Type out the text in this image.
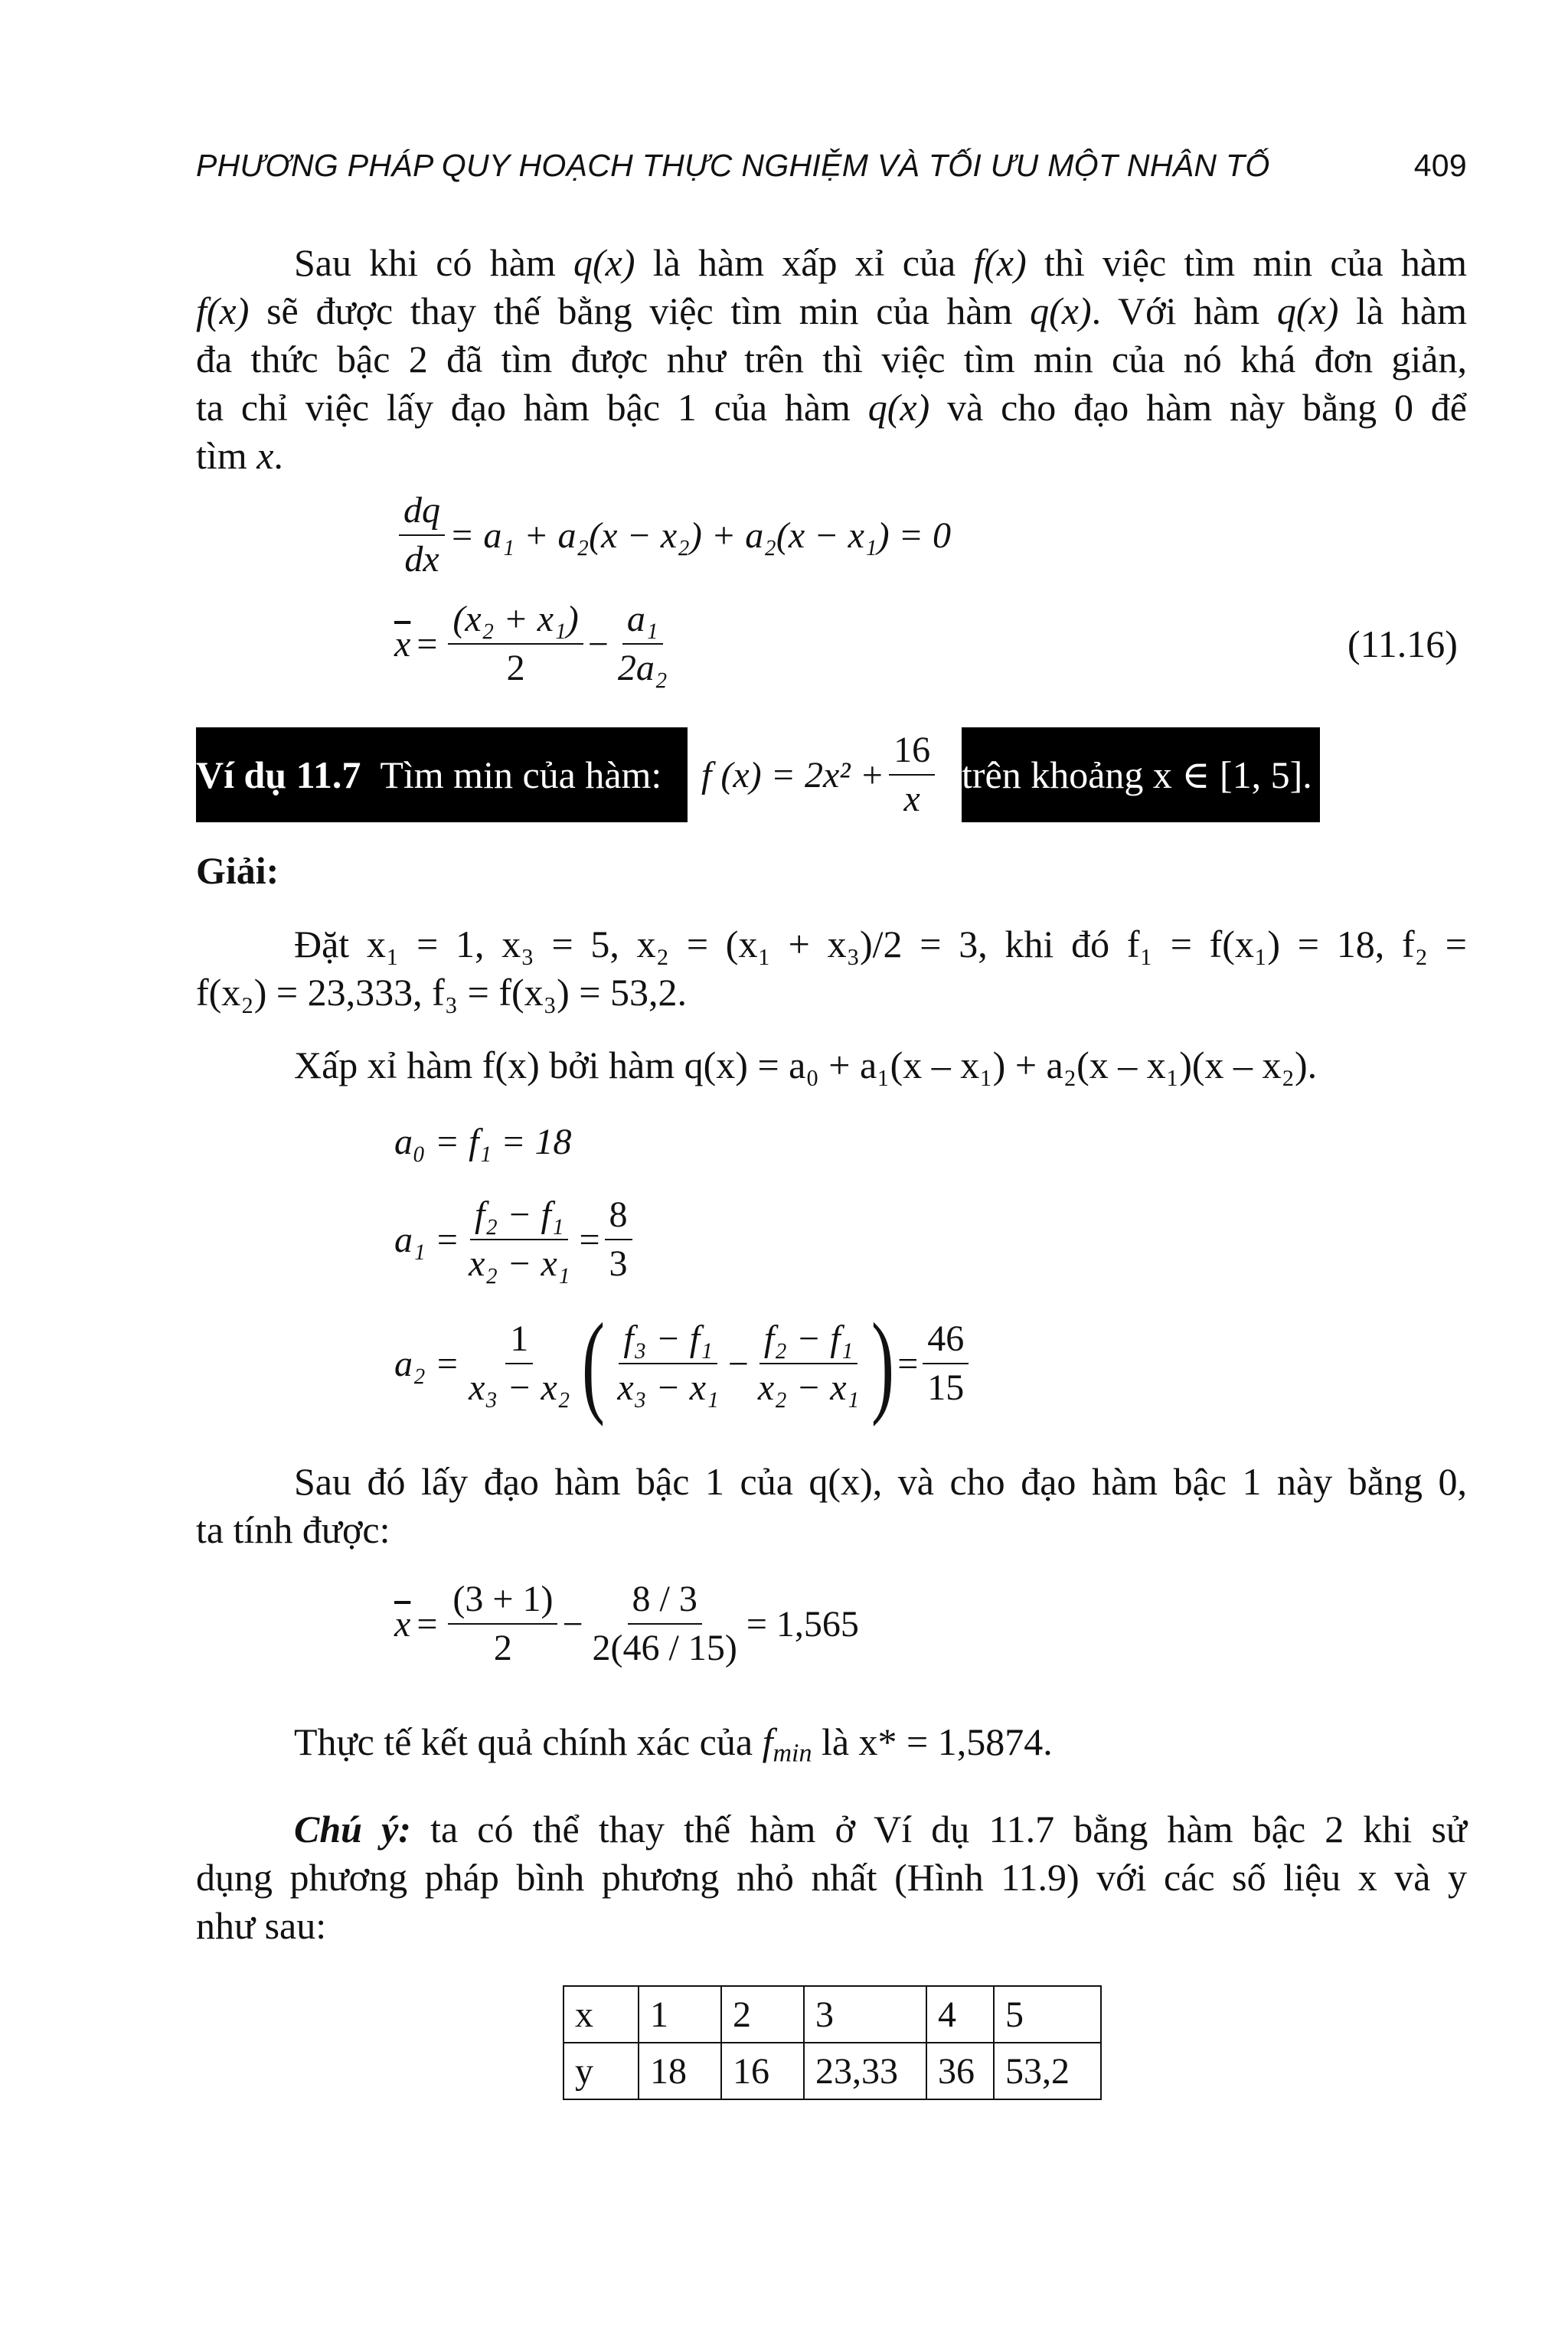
PHƯƠNG PHÁP QUY HOẠCH THỰC NGHIỆM VÀ TỐI ƯU MỘT NHÂN TỐ	409
Sau khi có hàm q(x) là hàm xấp xỉ của f(x) thì việc tìm min của hàm
f(x) sẽ được thay thế bằng việc tìm min của hàm q(x). Với hàm q(x) là hàm
đa thức bậc 2 đã tìm được như trên thì việc tìm min của nó khá đơn giản,
ta chỉ việc lấy đạo hàm bậc 1 của hàm q(x) và cho đạo hàm này bằng 0 để
tìm x.
$\frac{dq}{dx} = a_1 + a_2(x - x_2) + a_2(x - x_1) = 0$
$\overline{x} = \frac{\text{(x₂ + x₁)}}{2} - \frac{\text{a₁}}{\text{2a₂}}$	(11.16)
Ví dụ 11.7
Tìm min của hàm: f $(x) = 2x^2 + \frac{16}{x}$ trên khoảng x ∈ [1, 5].
Giải:
Đặt x₁ = 1, x₃ = 5, x₂ = (x₁ + x₃)/2 = 3, khi đó f₁ = f(x₁) = 18, f₂ =
f(x₂) = 23,333, f₃ = f(x₃) = 53,2.
Xấp xỉ hàm f(x) bởi hàm q(x) = a₀ + a₁(x – x₁) + a₂(x – x₁)(x – x₂).
a₀ = f₁ = 18
$a_1 = \frac{\text{f₂ − f₁}}{\text{x₂ − x₁}} = \frac{8}{3}$
$a_2 = \frac{1}{\text{x₃ − x₂}}$ ( $\frac{\text{f₃ − f₁}}{\text{x₃ − x₁}} - \frac{\text{f₂ − f₁}}{\text{x₂ − x₁}}$ ) = $\frac{46}{15}$
Sau đó lấy đạo hàm bậc 1 của q(x), và cho đạo hàm bậc 1 này bằng 0,
ta tính được:
$\overline{x} = \frac{(3 + 1)}{2} - \frac{8 / 3}{2(46 / 15)} = 1,565$
Thực tế kết quả chính xác của $f_{min}$ là x* = 1,5874.
Chú ý: ta có thể thay thế hàm ở Ví dụ 11.7 bằng hàm bậc 2 khi sử
dụng phương pháp bình phương nhỏ nhất (Hình 11.9) với các số liệu x và y
như sau:
x	1	2	3	4	5
y	18	16	23,33	36	53,2
